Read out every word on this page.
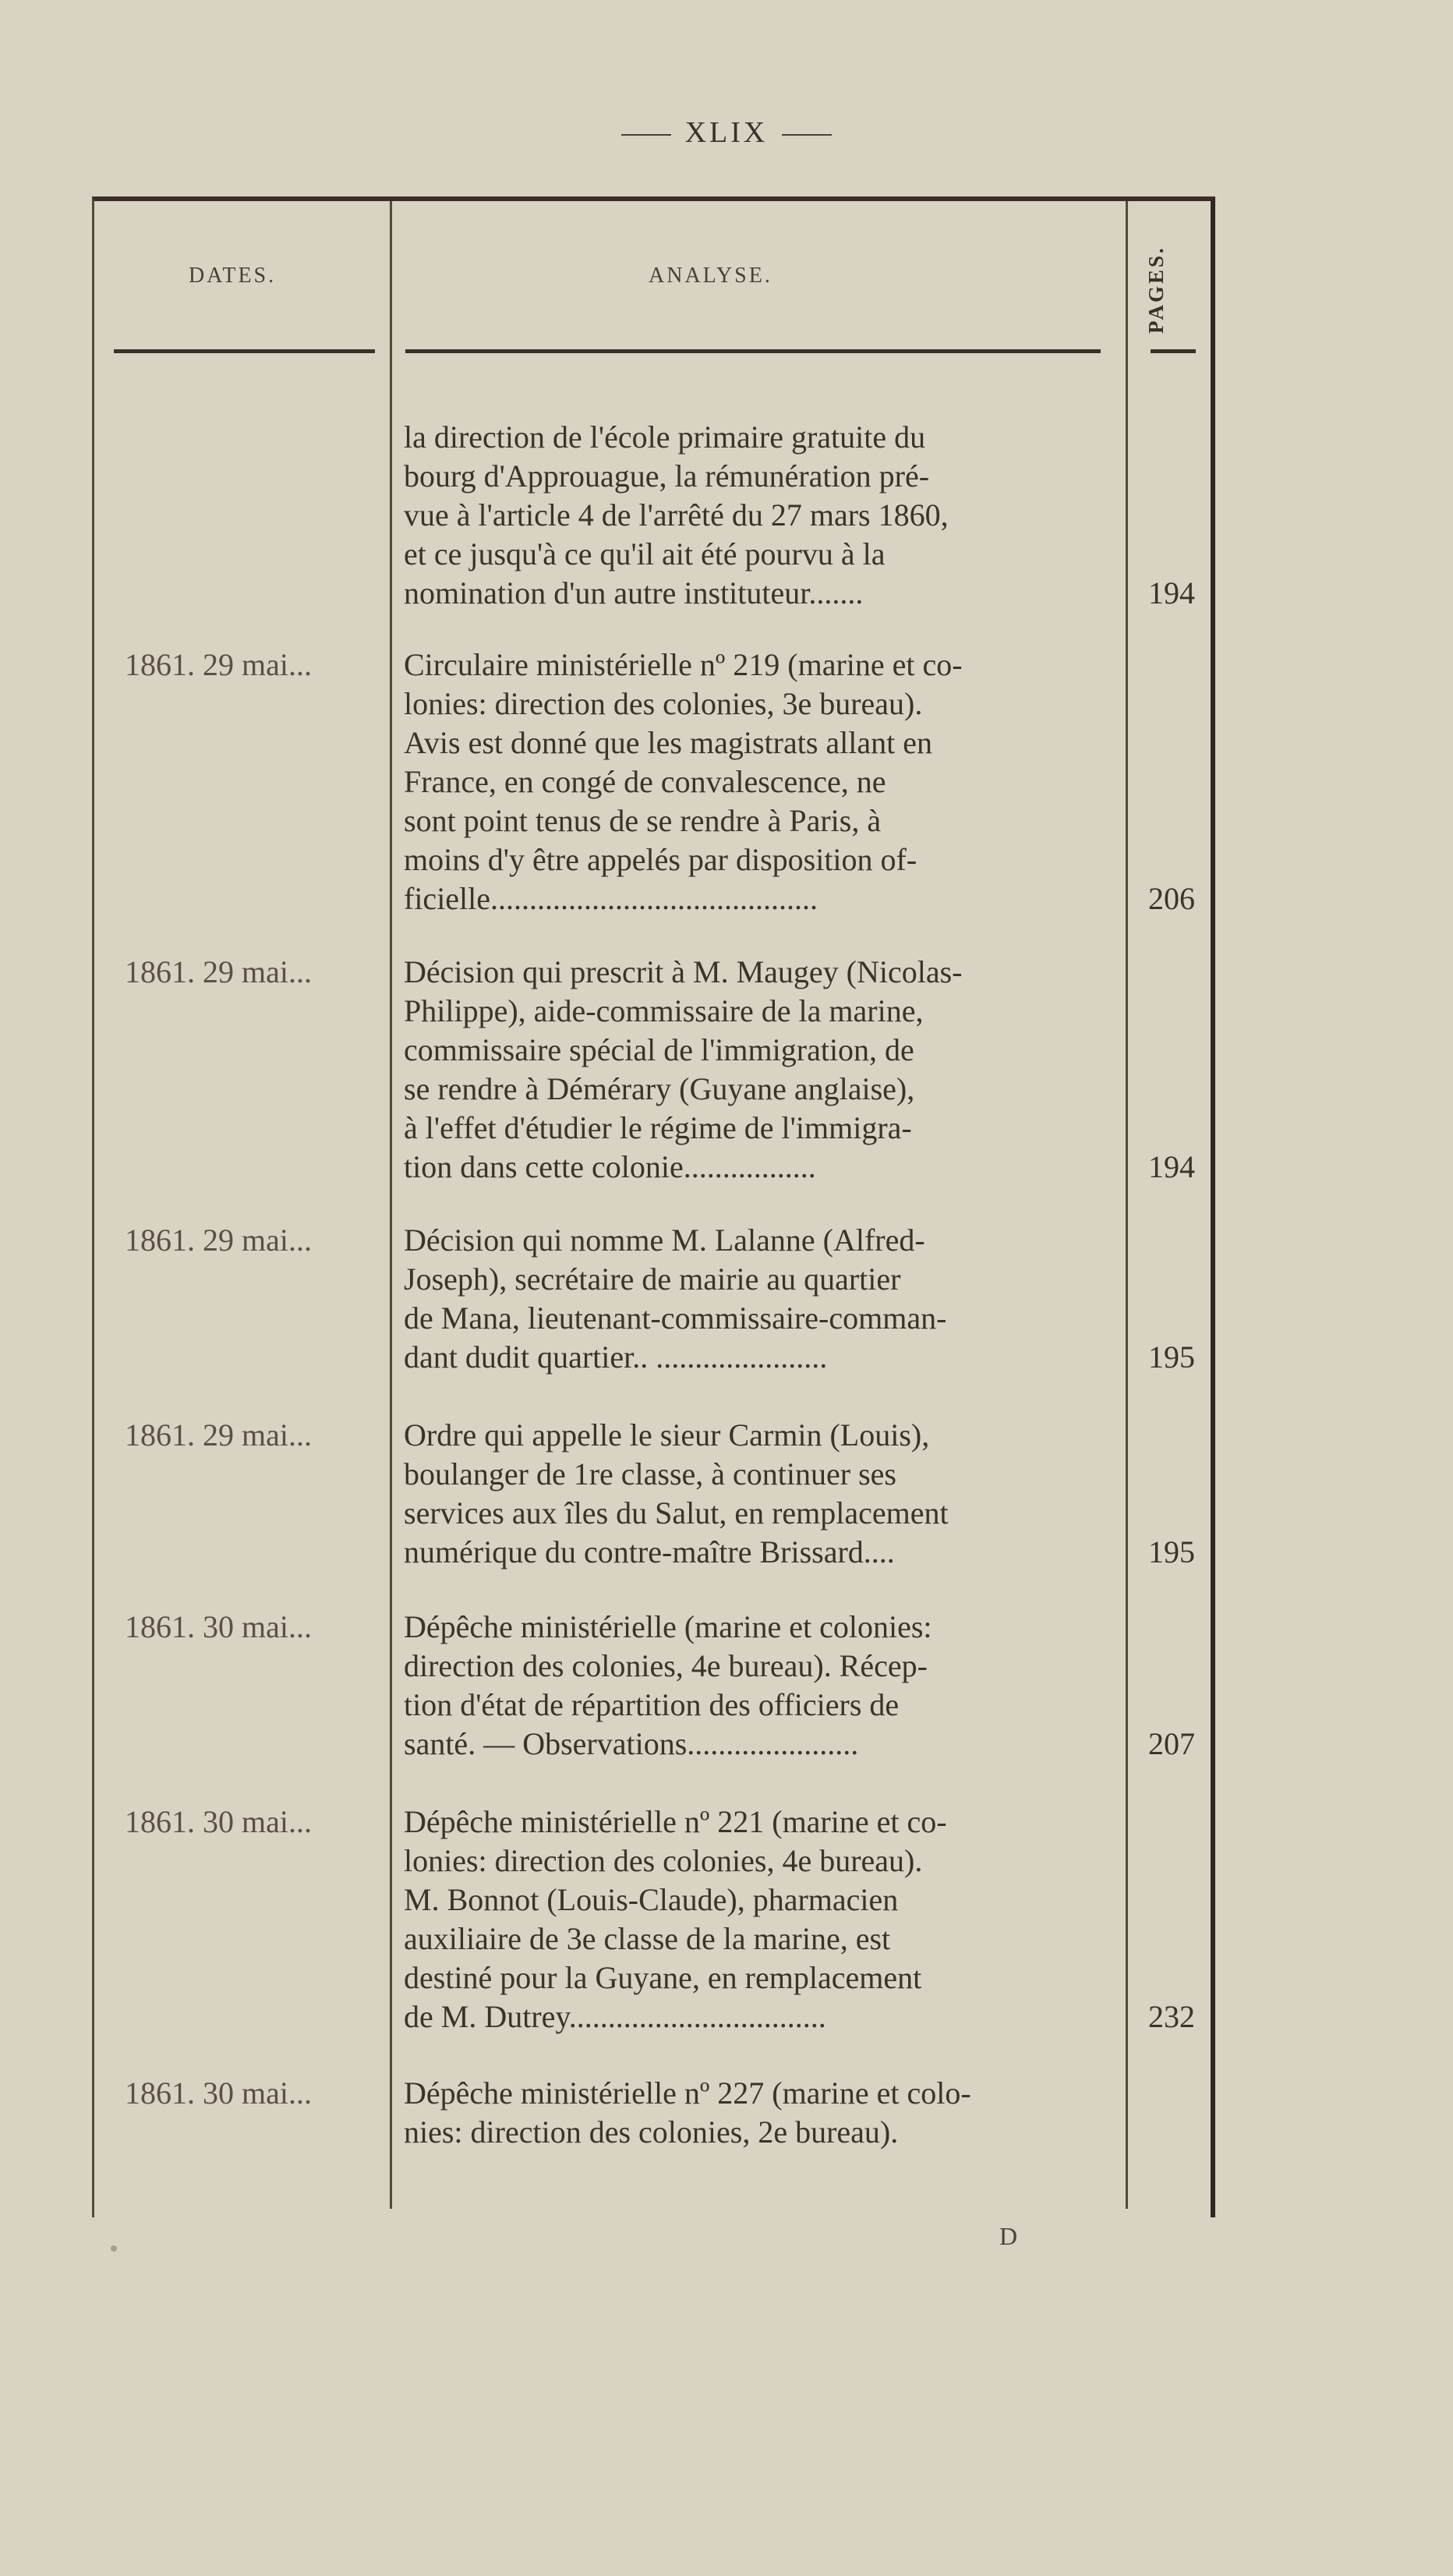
XLIX
DATES.	ANALYSE.	PAGES.
la direction de l'école primaire gratuite du
bourg d'Approuague, la rémunération pré-
vue à l'article 4 de l'arrêté du 27 mars 1860,
et ce jusqu'à ce qu'il ait été pourvu à la
nomination d'un autre instituteur.......	194
1861. 29 mai...	Circulaire ministérielle nº 219 (marine et co-
lonies: direction des colonies, 3e bureau).
Avis est donné que les magistrats allant en
France, en congé de convalescence, ne
sont point tenus de se rendre à Paris, à
moins d'y être appelés par disposition of-
ficielle..........................................	206
1861. 29 mai...	Décision qui prescrit à M. Maugey (Nicolas-
Philippe), aide-commissaire de la marine,
commissaire spécial de l'immigration, de
se rendre à Démérary (Guyane anglaise),
à l'effet d'étudier le régime de l'immigra-
tion dans cette colonie.................	194
1861. 29 mai...	Décision qui nomme M. Lalanne (Alfred-
Joseph), secrétaire de mairie au quartier
de Mana, lieutenant-commissaire-comman-
dant dudit quartier.. ......................	195
1861. 29 mai...	Ordre qui appelle le sieur Carmin (Louis),
boulanger de 1re classe, à continuer ses
services aux îles du Salut, en remplacement
numérique du contre-maître Brissard....	195
1861. 30 mai...	Dépêche ministérielle (marine et colonies:
direction des colonies, 4e bureau). Récep-
tion d'état de répartition des officiers de
santé. — Observations......................	207
1861. 30 mai...	Dépêche ministérielle nº 221 (marine et co-
lonies: direction des colonies, 4e bureau).
M. Bonnot (Louis-Claude), pharmacien
auxiliaire de 3e classe de la marine, est
destiné pour la Guyane, en remplacement
de M. Dutrey.................................	232
1861. 30 mai...	Dépêche ministérielle nº 227 (marine et colo-
nies: direction des colonies, 2e bureau).
D
